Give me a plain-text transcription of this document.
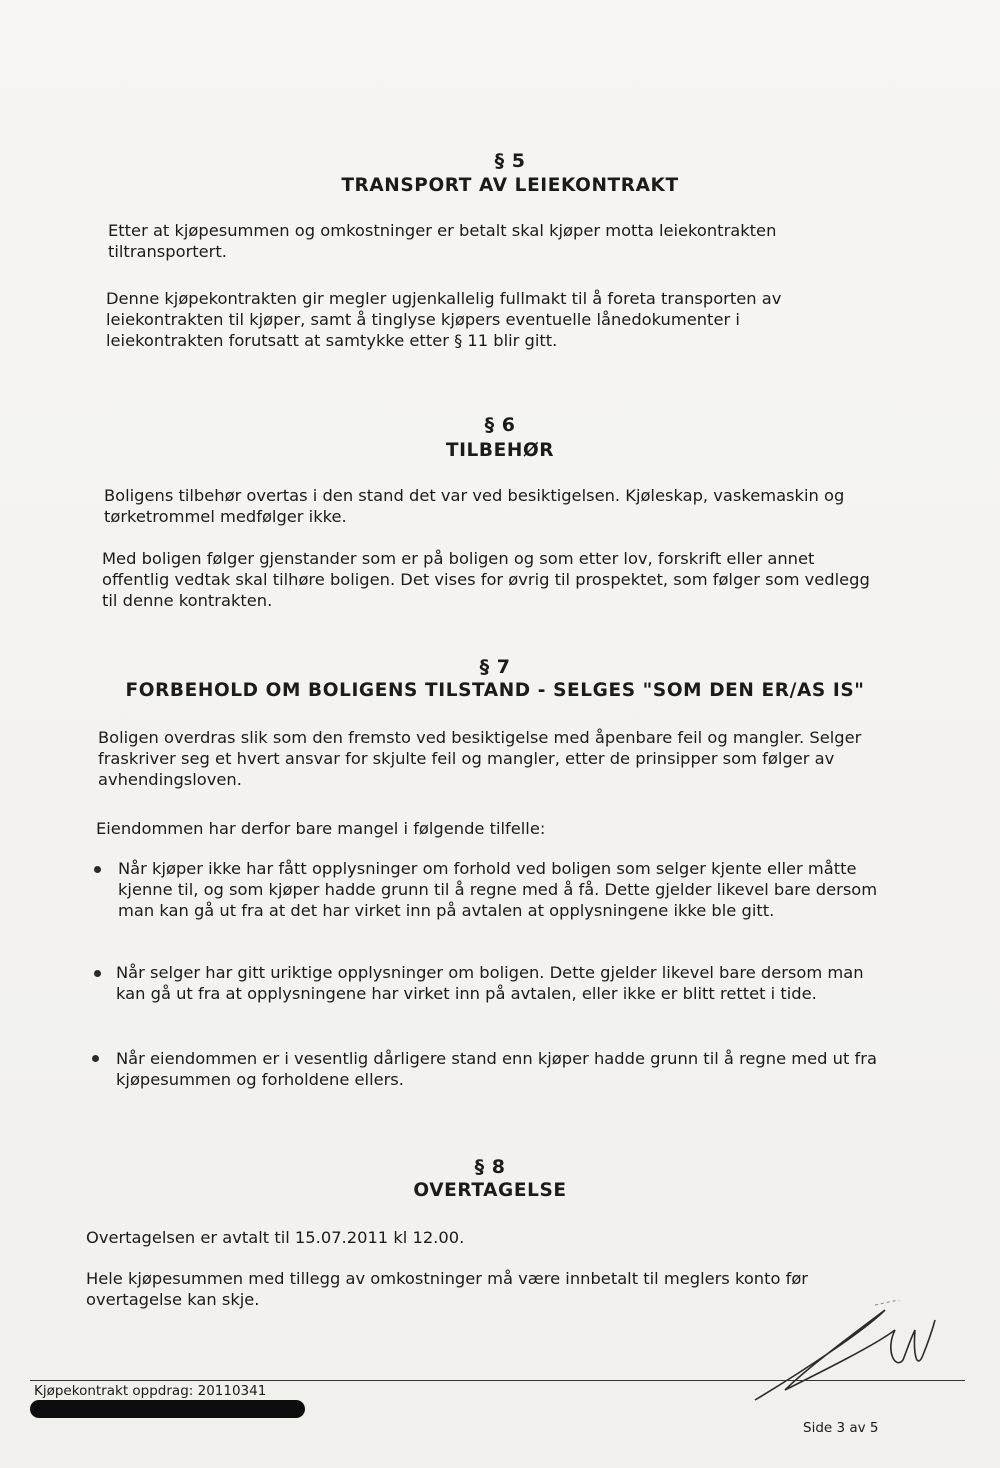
§ 5
TRANSPORT AV LEIEKONTRAKT
Etter at kjøpesummen og omkostninger er betalt skal kjøper motta leiekontrakten tiltransportert.
Denne kjøpekontrakten gir megler ugjenkallelig fullmakt til å foreta transporten av leiekontrakten til kjøper, samt å tinglyse kjøpers eventuelle lånedokumenter i leiekontrakten forutsatt at samtykke etter § 11 blir gitt.
§ 6
TILBEHØR
Boligens tilbehør overtas i den stand det var ved besiktigelsen. Kjøleskap, vaskemaskin og tørketrommel medfølger ikke.
Med boligen følger gjenstander som er på boligen og som etter lov, forskrift eller annet offentlig vedtak skal tilhøre boligen. Det vises for øvrig til prospektet, som følger som vedlegg til denne kontrakten.
§ 7
FORBEHOLD OM BOLIGENS TILSTAND - SELGES "SOM DEN ER/AS IS"
Boligen overdras slik som den fremsto ved besiktigelse med åpenbare feil og mangler. Selger fraskriver seg et hvert ansvar for skjulte feil og mangler, etter de prinsipper som følger av avhendingsloven.
Eiendommen har derfor bare mangel i følgende tilfelle:
Når kjøper ikke har fått opplysninger om forhold ved boligen som selger kjente eller måtte kjenne til, og som kjøper hadde grunn til å regne med å få. Dette gjelder likevel bare dersom man kan gå ut fra at det har virket inn på avtalen at opplysningene ikke ble gitt.
Når selger har gitt uriktige opplysninger om boligen. Dette gjelder likevel bare dersom man kan gå ut fra at opplysningene har virket inn på avtalen, eller ikke er blitt rettet i tide.
Når eiendommen er i vesentlig dårligere stand enn kjøper hadde grunn til å regne med ut fra kjøpesummen og forholdene ellers.
§ 8
OVERTAGELSE
Overtagelsen er avtalt til 15.07.2011 kl 12.00.
Hele kjøpesummen med tillegg av omkostninger må være innbetalt til meglers konto før overtagelse kan skje.
Kjøpekontrakt oppdrag: 20110341
Side 3 av 5
